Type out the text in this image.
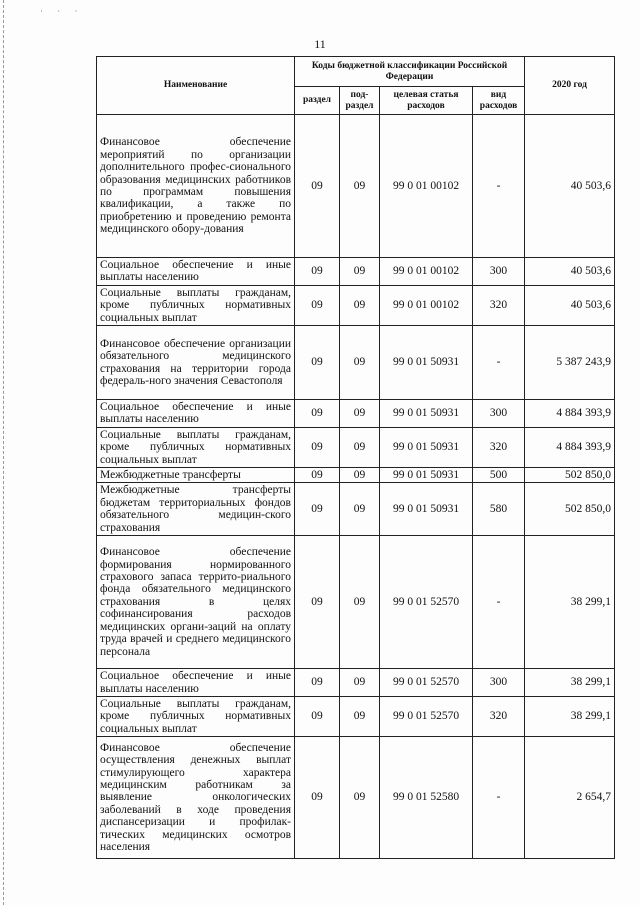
· · ·
11
Наименование	Коды бюджетной классификации Российской Федерации				2020 год
	раздел	под-раздел	целевая статья расходов	вид расходов	
Финансовое обеспечение мероприятий по организации дополнительного профес-сионального образования медицинских работников по программам повышения квалификации, а также по приобретению и проведению ремонта медицинского обору-дования	09	09	99 0 01 00102	-	40 503,6
Социальное обеспечение и иные выплаты населению	09	09	99 0 01 00102	300	40 503,6
Социальные выплаты гражданам, кроме публичных нормативных социальных выплат	09	09	99 0 01 00102	320	40 503,6
Финансовое обеспечение организации обязательного медицинского страхования на территории города федераль-ного значения Севастополя	09	09	99 0 01 50931	-	5 387 243,9
Социальное обеспечение и иные выплаты населению	09	09	99 0 01 50931	300	4 884 393,9
Социальные выплаты гражданам, кроме публичных нормативных социальных выплат	09	09	99 0 01 50931	320	4 884 393,9
Межбюджетные трансферты	09	09	99 0 01 50931	500	502 850,0
Межбюджетные трансферты бюджетам территориальных фондов обязательного медицин-ского страхования	09	09	99 0 01 50931	580	502 850,0
Финансовое обеспечение формирования нормированного страхового запаса террито-риального фонда обязательного медицинского страхования в целях софинансирования расходов медицинских органи-заций на оплату труда врачей и среднего медицинского персонала	09	09	99 0 01 52570	-	38 299,1
Социальное обеспечение и иные выплаты населению	09	09	99 0 01 52570	300	38 299,1
Социальные выплаты гражданам, кроме публичных нормативных социальных выплат	09	09	99 0 01 52570	320	38 299,1
Финансовое обеспечение осуществления денежных выплат стимулирующего характера медицинским работникам за выявление онкологических заболеваний в ходе проведения диспансеризации и профилак-тических медицинских осмотров населения	09	09	99 0 01 52580	-	2 654,7
